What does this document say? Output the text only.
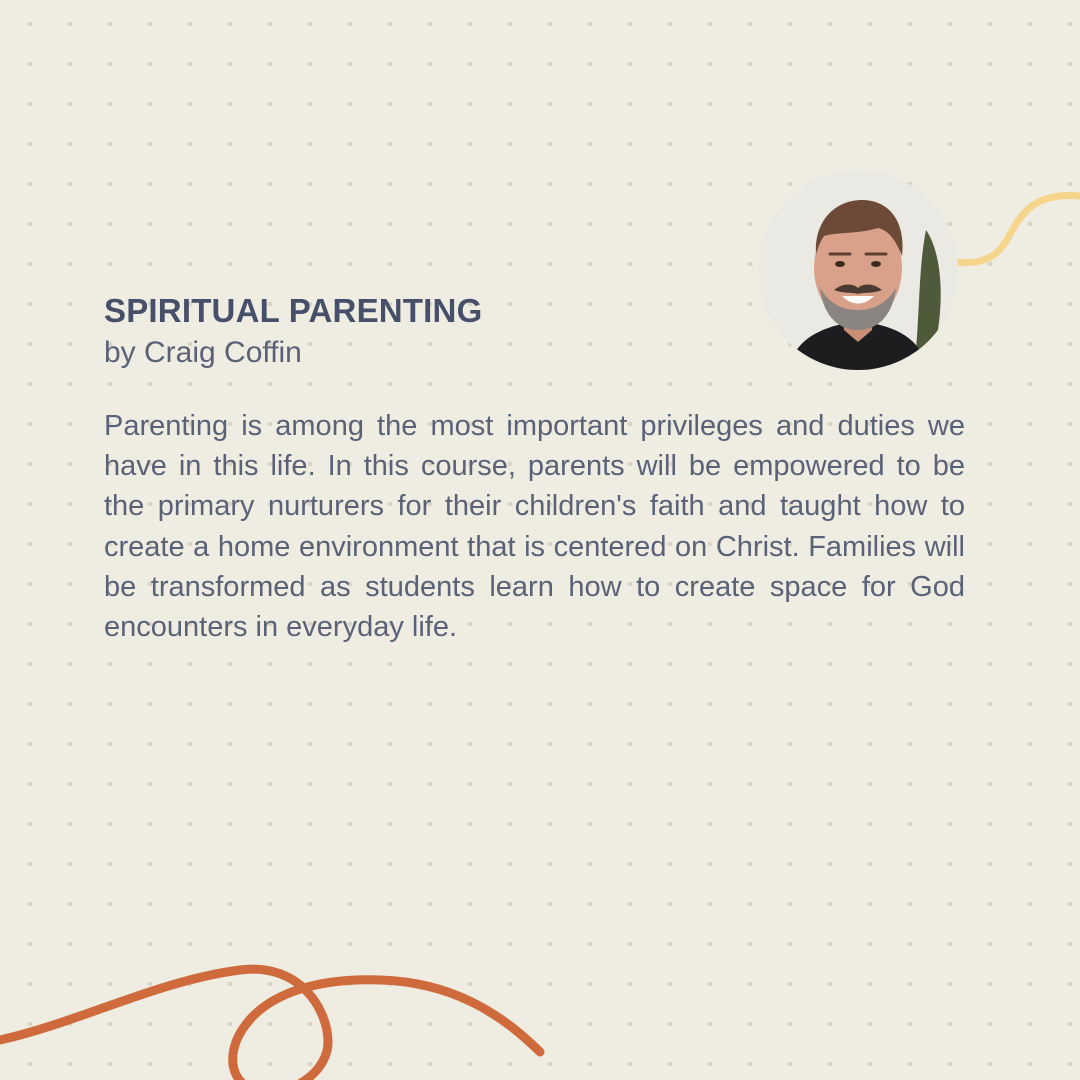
SPIRITUAL PARENTING
by Craig Coffin

Parenting is among the most important privileges and duties we have in this life. In this course, parents will be empowered to be the primary nurturers for their children's faith and taught how to create a home environment that is centered on Christ. Families will be transformed as students learn how to create space for God encounters in everyday life.
